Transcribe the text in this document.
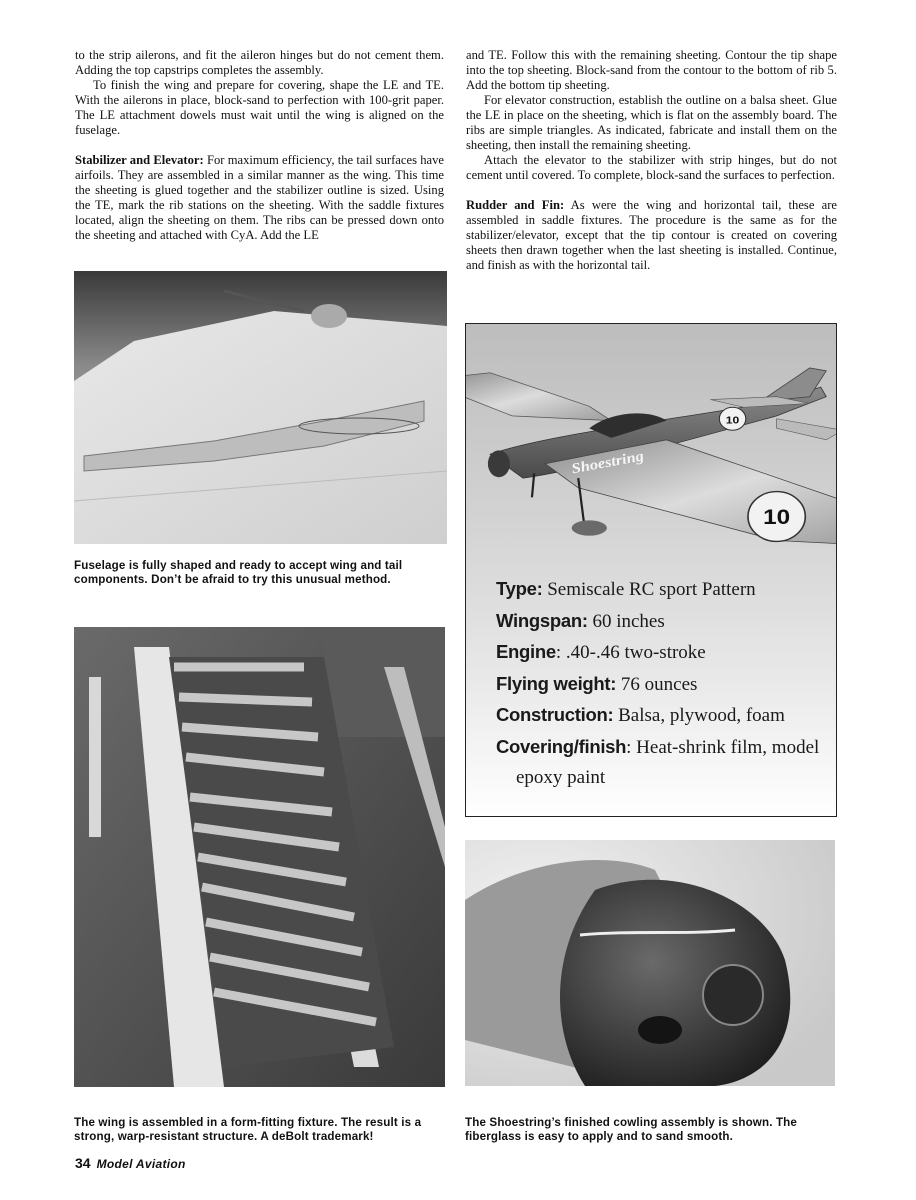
to the strip ailerons, and fit the aileron hinges but do not cement them. Adding the top capstrips completes the assembly.

To finish the wing and prepare for covering, shape the LE and TE. With the ailerons in place, block-sand to perfection with 100-grit paper. The LE attachment dowels must wait until the wing is aligned on the fuselage.

Stabilizer and Elevator: For maximum efficiency, the tail surfaces have airfoils. They are assembled in a similar manner as the wing. This time the sheeting is glued together and the stabilizer outline is sized. Using the TE, mark the rib stations on the sheeting. With the saddle fixtures located, align the sheeting on them. The ribs can be pressed down onto the sheeting and attached with CyA. Add the LE

and TE. Follow this with the remaining sheeting. Contour the tip shape into the top sheeting. Block-sand from the contour to the bottom of rib 5. Add the bottom tip sheeting.

For elevator construction, establish the outline on a balsa sheet. Glue the LE in place on the sheeting, which is flat on the assembly board. The ribs are simple triangles. As indicated, fabricate and install them on the sheeting, then install the remaining sheeting.

Attach the elevator to the stabilizer with strip hinges, but do not cement until covered. To complete, block-sand the surfaces to perfection.

Rudder and Fin: As were the wing and horizontal tail, these are assembled in saddle fixtures. The procedure is the same as for the stabilizer/elevator, except that the tip contour is created on covering sheets then drawn together when the last sheeting is installed. Continue, and finish as with the horizontal tail.

Fuselage is fully shaped and ready to accept wing and tail components. Don’t be afraid to try this unusual method.
The wing is assembled in a form-fitting fixture. The result is a strong, warp-resistant structure. A deBolt trademark!
10
10
Shoestring
Type: Semiscale RC sport Pattern
Wingspan: 60 inches
Engine: .40-.46 two-stroke
Flying weight: 76 ounces
Construction: Balsa, plywood, foam
Covering/finish: Heat-shrink film, model
epoxy paint
The Shoestring’s finished cowling assembly is shown. The fiberglass is easy to apply and to sand smooth.
34 Model Aviation
